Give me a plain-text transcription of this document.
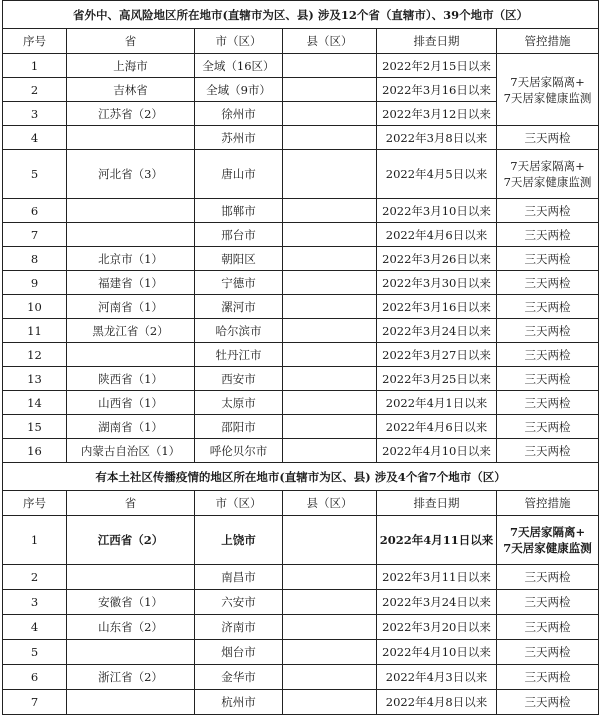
省外中、高风险地区所在地市(直辖市为区、县) 涉及12个省（直辖市）、39个地市（区）					
序号	省	市（区）	县（区）	排查日期	管控措施
1	上海市	全域（16区）		2022年2月15日以来	7天居家隔离+
7天居家健康监测
2	吉林省	全域（9市）		2022年3月16日以来	
3	江苏省（2）	徐州市		2022年3月12日以来	
4		苏州市		2022年3月8日以来	三天两检
5	河北省（3）	唐山市		2022年4月5日以来	7天居家隔离+
7天居家健康监测
6		邯郸市		2022年3月10日以来	三天两检
7		邢台市		2022年4月6日以来	三天两检
8	北京市（1）	朝阳区		2022年3月26日以来	三天两检
9	福建省（1）	宁德市		2022年3月30日以来	三天两检
10	河南省（1）	漯河市		2022年3月16日以来	三天两检
11	黑龙江省（2）	哈尔滨市		2022年3月24日以来	三天两检
12		牡丹江市		2022年3月27日以来	三天两检
13	陕西省（1）	西安市		2022年3月25日以来	三天两检
14	山西省（1）	太原市		2022年4月1日以来	三天两检
15	湖南省（1）	邵阳市		2022年4月6日以来	三天两检
16	内蒙古自治区（1）	呼伦贝尔市		2022年4月10日以来	三天两检
有本土社区传播疫情的地区所在地市(直辖市为区、县) 涉及4个省7个地市（区）					
序号	省	市（区）	县（区）	排查日期	管控措施
1	江西省（2）	上饶市		2022年4月11日以来	7天居家隔离+
7天居家健康监测
2		南昌市		2022年3月11日以来	三天两检
3	安徽省（1）	六安市		2022年3月24日以来	三天两检
4	山东省（2）	济南市		2022年3月20日以来	三天两检
5		烟台市		2022年4月10日以来	三天两检
6	浙江省（2）	金华市		2022年4月3日以来	三天两检
7		杭州市		2022年4月8日以来	三天两检
